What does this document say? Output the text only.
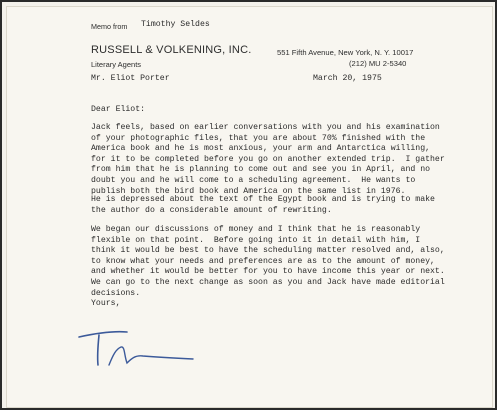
Memo from Timothy Seldes
RUSSELL & VOLKENING, INC.
Literary Agents
551 Fifth Avenue, New York, N. Y. 10017
(212) MU 2-5340

Mr. Eliot Porter	March 20, 1975

Dear Eliot:

Jack feels, based on earlier conversations with you and his examination
of your photographic files, that you are about 70% finished with the
America book and he is most anxious, your arm and Antarctica willing,
for it to be completed before you go on another extended trip.  I gather
from him that he is planning to come out and see you in April, and no
doubt you and he will come to a scheduling agreement.  He wants to
publish both the bird book and America on the same list in 1976.

He is depressed about the text of the Egypt book and is trying to make
the author do a considerable amount of rewriting.

We began our discussions of money and I think that he is reasonably
flexible on that point.  Before going into it in detail with him, I
think it would be best to have the scheduling matter resolved and, also,
to know what your needs and preferences are as to the amount of money,
and whether it would be better for you to have income this year or next.
We can go to the next change as soon as you and Jack have made editorial
decisions.

Yours,
